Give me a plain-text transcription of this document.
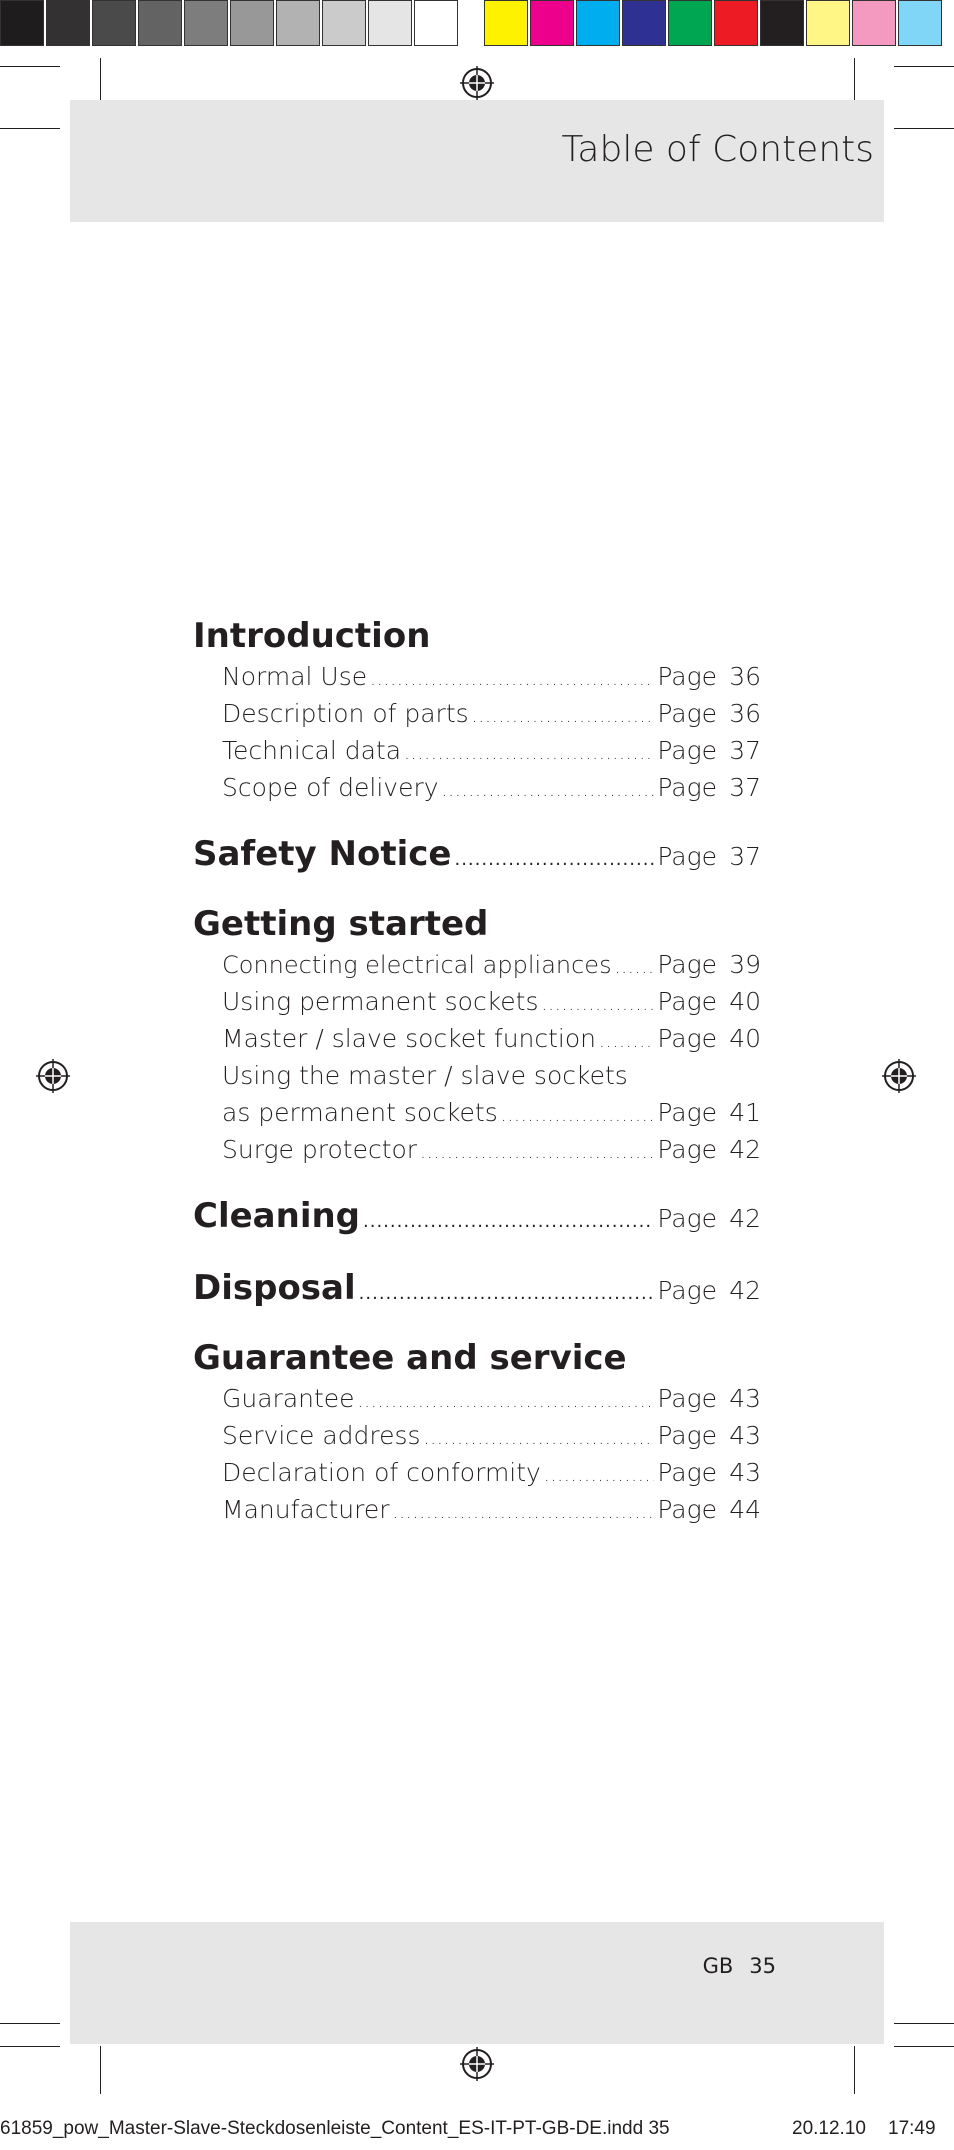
Table of Contents
Introduction
Normal Use .....	Page 36
Description of parts .....	Page 36
Technical data .....	Page 37
Scope of delivery .....	Page 37
Safety Notice .....	Page 37
Getting started
Connecting electrical appliances ..... Page 39
Using permanent sockets .....	Page 40
Master / slave socket function ..... Page 40
Using the master / slave sockets
as permanent sockets .....	Page 41
Surge protector .....	Page 42
Cleaning .....	Page 42
Disposal .....	Page 42
Guarantee and service
Guarantee .....	Page 43
Service address .....	Page 43
Declaration of conformity .....	Page 43
Manufacturer .....	Page 44
GB 35
61859_pow_Master-Slave-Steckdosenleiste_Content_ES-IT-PT-GB-DE.indd 35	20.12.10 17:49
